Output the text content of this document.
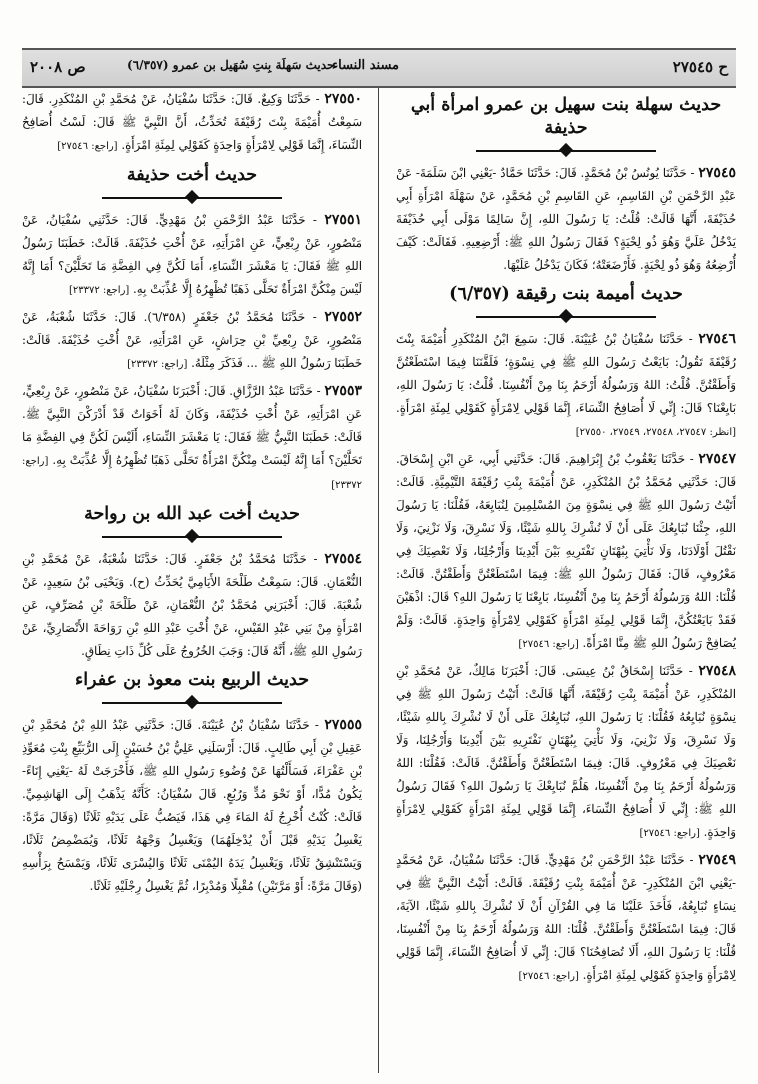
ح ٢٧٥٤٥
مسند النساء
حديث سَهلَة بِنتِ سُهَيل بن عمرو (٦/٣٥٧)
ص ٢٠٠٨
حديث سهلة بنت سهيل بن عمرو امرأة أبي حذيفة

٢٧٥٤٥ - حَدَّثَنَا يُونُسُ بْنُ مُحَمَّدٍ. قَالَ: حَدَّثَنَا حَمَّادٌ -يَعْنِي ابْنَ سَلَمَةَ- عَنْ عَبْدِ الرَّحْمَنِ بْنِ القَاسِمِ، عَنِ القَاسِمِ بْنِ مُحَمَّدٍ، عَنْ سَهْلَةَ امْرَأَةِ أَبِي حُذَيْفَةَ، أَنَّهَا قَالَتْ: قُلْتُ: يَا رَسُولَ اللهِ، إِنَّ سَالِمًا مَوْلَى أَبِي حُذَيْفَةَ يَدْخُلُ عَلَيَّ وَهُوَ ذُو لِحْيَةٍ؟ فَقَالَ رَسُولُ اللهِ ﷺ: أَرْضِعِيهِ. فَقَالَتْ: كَيْفَ أُرْضِعُهُ وَهُوَ ذُو لِحْيَةٍ. فَأَرْضَعَتْهُ؛ فَكَانَ يَدْخُلُ عَلَيْهَا.

حديث أميمة بنت رقيقة (٦/٣٥٧)

٢٧٥٤٦ - حَدَّثَنَا سُفْيَانُ بْنُ عُيَيْنَةَ. قَالَ: سَمِعَ ابْنُ المُنْكَدِرِ أُمَيْمَةَ بِنْتَ رُقَيْقَةَ تَقُولُ: بَايَعْتُ رَسُولَ اللهِ ﷺ فِي نِسْوَةٍ؛ فَلَقَّنَنَا فِيمَا اسْتَطَعْتُنَّ وَأَطَقْتُنَّ. قُلْتُ: اللهُ وَرَسُولُهُ أَرْحَمُ بِنَا مِنْ أَنْفُسِنَا. قُلْتُ: يَا رَسُولَ اللهِ، بَايِعْنَا؟ قَالَ: إِنِّي لَا أُصَافِحُ النِّسَاءَ، إِنَّمَا قَوْلِي لِامْرَأَةٍ كَقَوْلِي لِمِئَةِ امْرَأَةٍ. [انظر: ٢٧٥٤٧، ٢٧٥٤٨، ٢٧٥٤٩، ٢٧٥٥٠]

٢٧٥٤٧ - حَدَّثَنَا يَعْقُوبُ بْنُ إِبْرَاهِيمَ. قَالَ: حَدَّثَنِي أَبِي، عَنِ ابْنِ إِسْحَاقَ. قَالَ: حَدَّثَنِي مُحَمَّدُ بْنُ المُنْكَدِرِ، عَنْ أُمَيْمَةَ بِنْتِ رُقَيْقَةَ التَّيْمِيَّةِ. قَالَتْ: أَتَيْتُ رَسُولَ اللهِ ﷺ فِي نِسْوَةٍ مِنَ المُسْلِمِينَ لِنُبَايِعَهُ، فَقُلْنَا: يَا رَسُولَ اللهِ، جِئْنَا نُبَايِعُكَ عَلَى أَنْ لَا نُشْرِكَ بِاللهِ شَيْئًا، وَلَا نَسْرِقَ، وَلَا نَزْنِيَ، وَلَا نَقْتُلَ أَوْلَادَنَا، وَلَا نَأْتِيَ بِبُهْتَانٍ نَفْتَرِيهِ بَيْنَ أَيْدِينَا وَأَرْجُلِنَا، وَلَا نَعْصِيَكَ فِي مَعْرُوفٍ، قَالَ: فَقَالَ رَسُولُ اللهِ ﷺ: فِيمَا اسْتَطَعْتُنَّ وَأَطَقْتُنَّ. قَالَتْ: قُلْنَا: اللهُ وَرَسُولُهُ أَرْحَمُ بِنَا مِنْ أَنْفُسِنَا، بَايِعْنَا يَا رَسُولَ اللهِ؟ قَالَ: اذْهَبْنَ فَقَدْ بَايَعْتُكُنَّ، إِنَّمَا قَوْلِي لِمِئَةِ امْرَأَةٍ كَقَوْلِي لِامْرَأَةٍ وَاحِدَةٍ. قَالَتْ: وَلَمْ يُصَافِحْ رَسُولُ اللهِ ﷺ مِنَّا امْرَأَةً. [راجع: ٢٧٥٤٦]

٢٧٥٤٨ - حَدَّثَنَا إِسْحَاقُ بْنُ عِيسَى. قَالَ: أَخْبَرَنَا مَالِكٌ، عَنْ مُحَمَّدِ بْنِ المُنْكَدِرِ، عَنْ أُمَيْمَةَ بِنْتِ رُقَيْقَةَ، أَنَّهَا قَالَتْ: أَتَيْتُ رَسُولَ اللهِ ﷺ فِي نِسْوَةٍ نُبَايِعُهُ فَقُلْنَا: يَا رَسُولَ اللهِ، نُبَايِعُكَ عَلَى أَنْ لَا نُشْرِكَ بِاللهِ شَيْئًا، وَلَا نَسْرِقَ، وَلَا نَزْنِيَ، وَلَا نَأْتِيَ بِبُهْتَانٍ نَفْتَرِيهِ بَيْنَ أَيْدِينَا وَأَرْجُلِنَا، وَلَا نَعْصِيَكَ فِي مَعْرُوفٍ. قَالَ: فِيمَا اسْتَطَعْتُنَّ وَأَطَقْتُنَّ. قَالَتْ: فَقُلْنَا: اللهُ وَرَسُولُهُ أَرْحَمُ بِنَا مِنْ أَنْفُسِنَا، هَلُمَّ نُبَايِعْكَ يَا رَسُولَ اللهِ؟ فَقَالَ رَسُولُ اللهِ ﷺ: إِنِّي لَا أُصَافِحُ النِّسَاءَ، إِنَّمَا قَوْلِي لِمِئَةِ امْرَأَةٍ كَقَوْلِي لِامْرَأَةٍ وَاحِدَةٍ. [راجع: ٢٧٥٤٦]

٢٧٥٤٩ - حَدَّثَنَا عَبْدُ الرَّحْمَنِ بْنُ مَهْدِيٍّ. قَالَ: حَدَّثَنَا سُفْيَانُ، عَنْ مُحَمَّدٍ -يَعْنِي ابْنَ المُنْكَدِرِ- عَنْ أُمَيْمَةَ بِنْتِ رُقَيْقَةَ. قَالَتْ: أَتَيْتُ النَّبِيَّ ﷺ فِي نِسَاءٍ نُبَايِعُهُ، فَأَخَذَ عَلَيْنَا مَا فِي القُرْآنِ أَنْ لَا نُشْرِكَ بِاللهِ شَيْئًا، الآيَةَ، قَالَ: فِيمَا اسْتَطَعْتُنَّ وَأَطَقْتُنَّ. قُلْنَا: اللهُ وَرَسُولُهُ أَرْحَمُ بِنَا مِنْ أَنْفُسِنَا، قُلْنَا: يَا رَسُولَ اللهِ، أَلَا تُصَافِحُنَا؟ قَالَ: إِنِّي لَا أُصَافِحُ النِّسَاءَ، إِنَّمَا قَوْلِي لِامْرَأَةٍ وَاحِدَةٍ كَقَوْلِي لِمِئَةِ امْرَأَةٍ. [راجع: ٢٧٥٤٦]

٢٧٥٥٠ - حَدَّثَنَا وَكِيعٌ. قَالَ: حَدَّثَنَا سُفْيَانُ، عَنْ مُحَمَّدِ بْنِ المُنْكَدِرِ. قَالَ: سَمِعْتُ أُمَيْمَةَ بِنْتَ رُقَيْقَةَ تُحَدِّثُ، أَنَّ النَّبِيَّ ﷺ قَالَ: لَسْتُ أُصَافِحُ النِّسَاءَ، إِنَّمَا قَوْلِي لِامْرَأَةٍ وَاحِدَةٍ كَقَوْلِي لِمِئَةِ امْرَأَةٍ. [راجع: ٢٧٥٤٦]

حديث أخت حذيفة

٢٧٥٥١ - حَدَّثَنَا عَبْدُ الرَّحْمَنِ بْنُ مَهْدِيٍّ. قَالَ: حَدَّثَنِي سُفْيَانُ، عَنْ مَنْصُورٍ، عَنْ رِبْعِيٍّ، عَنِ امْرَأَتِهِ، عَنْ أُخْتِ حُذَيْفَةَ. قَالَتْ: خَطَبَنَا رَسُولُ اللهِ ﷺ فَقَالَ: يَا مَعْشَرَ النِّسَاءِ، أَمَا لَكُنَّ فِي الفِضَّةِ مَا تَحَلَّيْنَ؟ أَمَا إِنَّهُ لَيْسَ مِنْكُنَّ امْرَأَةٌ تَحَلَّى ذَهَبًا تُظْهِرُهُ إِلَّا عُذِّبَتْ بِهِ. [راجع: ٢٣٣٧٢]

٢٧٥٥٢ - حَدَّثَنَا مُحَمَّدُ بْنُ جَعْفَرٍ (٦/٣٥٨). قَالَ: حَدَّثَنَا شُعْبَةُ، عَنْ مَنْصُورٍ، عَنْ رِبْعِيِّ بْنِ حِرَاشٍ، عَنِ امْرَأَتِهِ، عَنْ أُخْتِ حُذَيْفَةَ. قَالَتْ: خَطَبَنَا رَسُولُ اللهِ ﷺ ... فَذَكَرَ مِثْلَهُ. [راجع: ٢٣٣٧٢]

٢٧٥٥٣ - حَدَّثَنَا عَبْدُ الرَّزَّاقِ. قَالَ: أَخْبَرَنَا سُفْيَانُ، عَنْ مَنْصُورٍ، عَنْ رِبْعِيٍّ، عَنِ امْرَأَتِهِ، عَنْ أُخْتِ حُذَيْفَةَ، وَكَانَ لَهُ أَخَوَاتٌ قَدْ أَدْرَكْنَ النَّبِيَّ ﷺ. قَالَتْ: خَطَبَنَا النَّبِيُّ ﷺ فَقَالَ: يَا مَعْشَرَ النِّسَاءِ، أَلَيْسَ لَكُنَّ فِي الفِضَّةِ مَا تَحَلَّيْنَ؟ أَمَا إِنَّهُ لَيْسَتْ مِنْكُنَّ امْرَأَةٌ تَحَلَّى ذَهَبًا تُظْهِرُهُ إِلَّا عُذِّبَتْ بِهِ. [راجع: ٢٣٣٧٢]

حديث أخت عبد الله بن رواحة

٢٧٥٥٤ - حَدَّثَنَا مُحَمَّدُ بْنُ جَعْفَرٍ. قَالَ: حَدَّثَنَا شُعْبَةُ، عَنْ مُحَمَّدِ بْنِ النُّعْمَانِ. قَالَ: سَمِعْتُ طَلْحَةَ الأَيَامِيَّ يُحَدِّثُ (ح). وَيَحْيَى بْنُ سَعِيدٍ، عَنْ شُعْبَةَ. قَالَ: أَخْبَرَنِي مُحَمَّدُ بْنُ النُّعْمَانِ، عَنْ طَلْحَةَ بْنِ مُصَرِّفٍ، عَنِ امْرَأَةٍ مِنْ بَنِي عَبْدِ القَيْسِ، عَنْ أُخْتِ عَبْدِ اللهِ بْنِ رَوَاحَةَ الأَنْصَارِيِّ، عَنْ رَسُولِ اللهِ ﷺ، أَنَّهُ قَالَ: وَجَبَ الخُرُوجُ عَلَى كُلِّ ذَاتِ نِطَاقٍ.

حديث الربيع بنت معوذ بن عفراء

٢٧٥٥٥ - حَدَّثَنَا سُفْيَانُ بْنُ عُيَيْنَةَ. قَالَ: حَدَّثَنِي عَبْدُ اللهِ بْنُ مُحَمَّدِ بْنِ عَقِيلِ بْنِ أَبِي طَالِبٍ. قَالَ: أَرْسَلَنِي عَلِيُّ بْنُ حُسَيْنٍ إِلَى الرُّبَيِّعِ بِنْتِ مُعَوِّذِ بْنِ عَفْرَاءَ، فَسَأَلْتُهَا عَنْ وُضُوءِ رَسُولِ اللهِ ﷺ، فَأَخْرَجَتْ لَهُ -يَعْنِي إِنَاءً- يَكُونُ مُدًّا، أَوْ نَحْوَ مُدٍّ وَرُبُعٍ. قَالَ سُفْيَانُ: كَأَنَّهُ يَذْهَبُ إِلَى الهَاشِمِيِّ. قَالَتْ: كُنْتُ أُخْرِجُ لَهُ المَاءَ فِي هَذَا، فَيَصُبُّ عَلَى يَدَيْهِ ثَلَاثًا (وَقَالَ مَرَّةً: يَغْسِلُ يَدَيْهِ قَبْلَ أَنْ يُدْخِلَهُمَا) وَيَغْسِلُ وَجْهَهُ ثَلَاثًا، وَيُمَضْمِضُ ثَلَاثًا، وَيَسْتَنْشِقُ ثَلَاثًا، وَيَغْسِلُ يَدَهُ اليُمْنَى ثَلَاثًا وَاليُسْرَى ثَلَاثًا، وَيَمْسَحُ بِرَأْسِهِ (وَقَالَ مَرَّةً: أَوْ مَرَّتَيْنِ) مُقْبِلًا وَمُدْبِرًا، ثُمَّ يَغْسِلُ رِجْلَيْهِ ثَلَاثًا.
